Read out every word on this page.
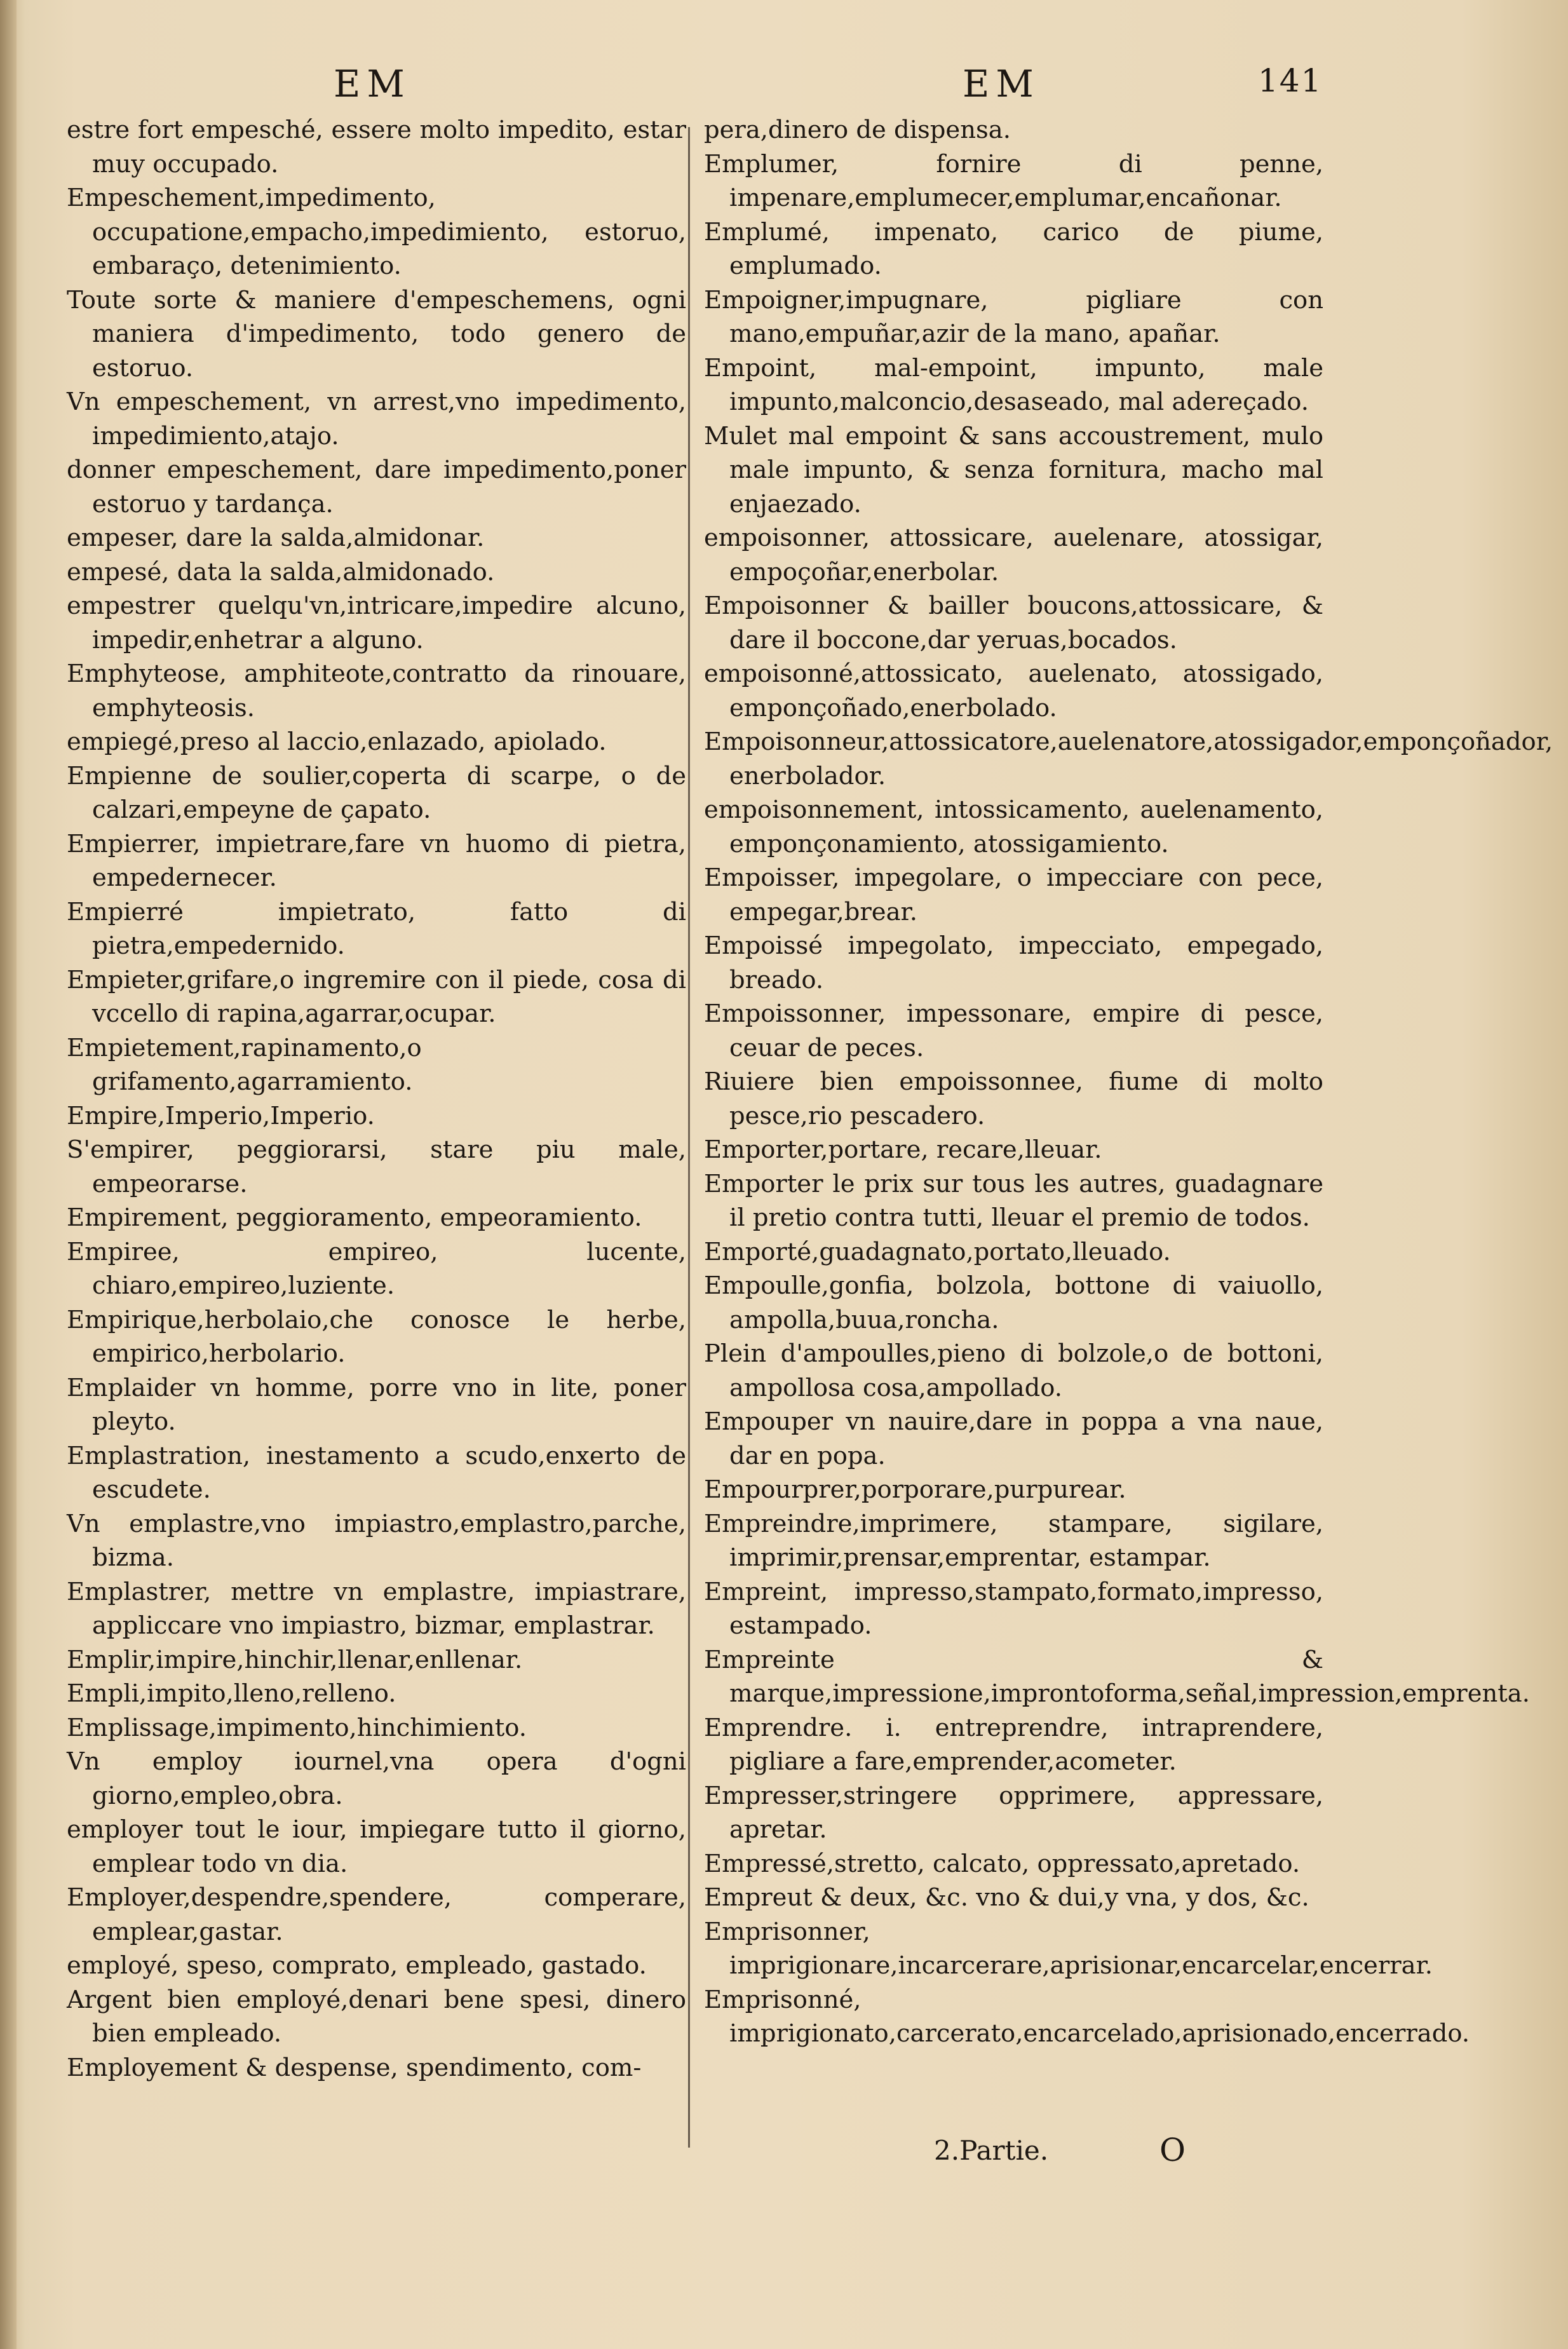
EM	EM	141

estre fort empesché, essere molto impedito, estar muy occupado.

Empeschement,impedimento, occupatione,empacho,impedimiento, estoruo, embaraço, detenimiento.

Toute sorte & maniere d'empeschemens, ogni maniera d'impedimento, todo genero de estoruo.

Vn empeschement, vn arrest,vno impedimento, impedimiento,atajo.

donner empeschement, dare impedimento,poner estoruo y tardança.

empeser, dare la salda,almidonar.

empesé, data la salda,almidonado.

empestrer quelqu'vn,intricare,impedire alcuno, impedir,enhetrar a alguno.

Emphyteose, amphiteote,contratto da rinouare, emphyteosis.

empiegé,preso al laccio,enlazado, apiolado.

Empienne de soulier,coperta di scarpe, o de calzari,empeyne de çapato.

Empierrer, impietrare,fare vn huomo di pietra, empedernecer.

Empierré impietrato, fatto di pietra,empedernido.

Empieter,grifare,o ingremire con il piede, cosa di vccello di rapina,agarrar,ocupar.

Empietement,rapinamento,o grifamento,agarramiento.

Empire,Imperio,Imperio.

S'empirer, peggiorarsi, stare piu male, empeorarse.

Empirement, peggioramento, empeoramiento.

Empiree, empireo, lucente, chiaro,empireo,luziente.

Empirique,herbolaio,che conosce le herbe, empirico,herbolario.

Emplaider vn homme, porre vno in lite, poner pleyto.

Emplastration, inestamento a scudo,enxerto de escudete.

Vn emplastre,vno impiastro,emplastro,parche, bizma.

Emplastrer, mettre vn emplastre, impiastrare, appliccare vno impiastro, bizmar, emplastrar.

Emplir,impire,hinchir,llenar,enllenar.

Empli,impito,lleno,relleno.

Emplissage,impimento,hinchimiento.

Vn employ iournel,vna opera d'ogni giorno,empleo,obra.

employer tout le iour, impiegare tutto il giorno, emplear todo vn dia.

Employer,despendre,spendere, comperare, emplear,gastar.

employé, speso, comprato, empleado, gastado.

Argent bien employé,denari bene spesi, dinero bien empleado.

Employement & despense, spendimento, com-

pera,dinero de dispensa.

Emplumer, fornire di penne, impenare,emplumecer,emplumar,encañonar.

Emplumé, impenato, carico de piume, emplumado.

Empoigner,impugnare, pigliare con mano,empuñar,azir de la mano, apañar.

Empoint, mal-empoint, impunto, male impunto,malconcio,desaseado, mal adereçado.

Mulet mal empoint & sans accoustrement, mulo male impunto, & senza fornitura, macho mal enjaezado.

empoisonner, attossicare, auelenare, atossigar, empoçoñar,enerbolar.

Empoisonner & bailler boucons,attossicare, & dare il boccone,dar yeruas,bocados.

empoisonné,attossicato, auelenato, atossigado, emponçoñado,enerbolado.

Empoisonneur,attossicatore,auelenatore,atossigador,emponçoñador, enerbolador.

empoisonnement, intossicamento, auelenamento, emponçonamiento, atossigamiento.

Empoisser, impegolare, o impecciare con pece, empegar,brear.

Empoissé impegolato, impecciato, empegado, breado.

Empoissonner, impessonare, empire di pesce, ceuar de peces.

Riuiere bien empoissonnee, fiume di molto pesce,rio pescadero.

Emporter,portare, recare,lleuar.

Emporter le prix sur tous les autres, guadagnare il pretio contra tutti, lleuar el premio de todos.

Emporté,guadagnato,portato,lleuado.

Empoulle,gonfia, bolzola, bottone di vaiuollo, ampolla,buua,roncha.

Plein d'ampoulles,pieno di bolzole,o de bottoni, ampollosa cosa,ampollado.

Empouper vn nauire,dare in poppa a vna naue, dar en popa.

Empourprer,porporare,purpurear.

Empreindre,imprimere, stampare, sigilare, imprimir,prensar,emprentar, estampar.

Empreint, impresso,stampato,formato,impresso, estampado.

Empreinte & marque,impressione,improntoforma,señal,impression,emprenta.

Emprendre. i. entreprendre, intraprendere, pigliare a fare,emprender,acometer.

Empresser,stringere opprimere, appressare, apretar.

Empressé,stretto, calcato, oppressato,apretado.

Empreut & deux, &c. vno & dui,y vna, y dos, &c.

Emprisonner, imprigionare,incarcerare,aprisionar,encarcelar,encerrar.

Emprisonné, imprigionato,carcerato,encarcelado,aprisionado,encerrado.

2.Partie.	O
